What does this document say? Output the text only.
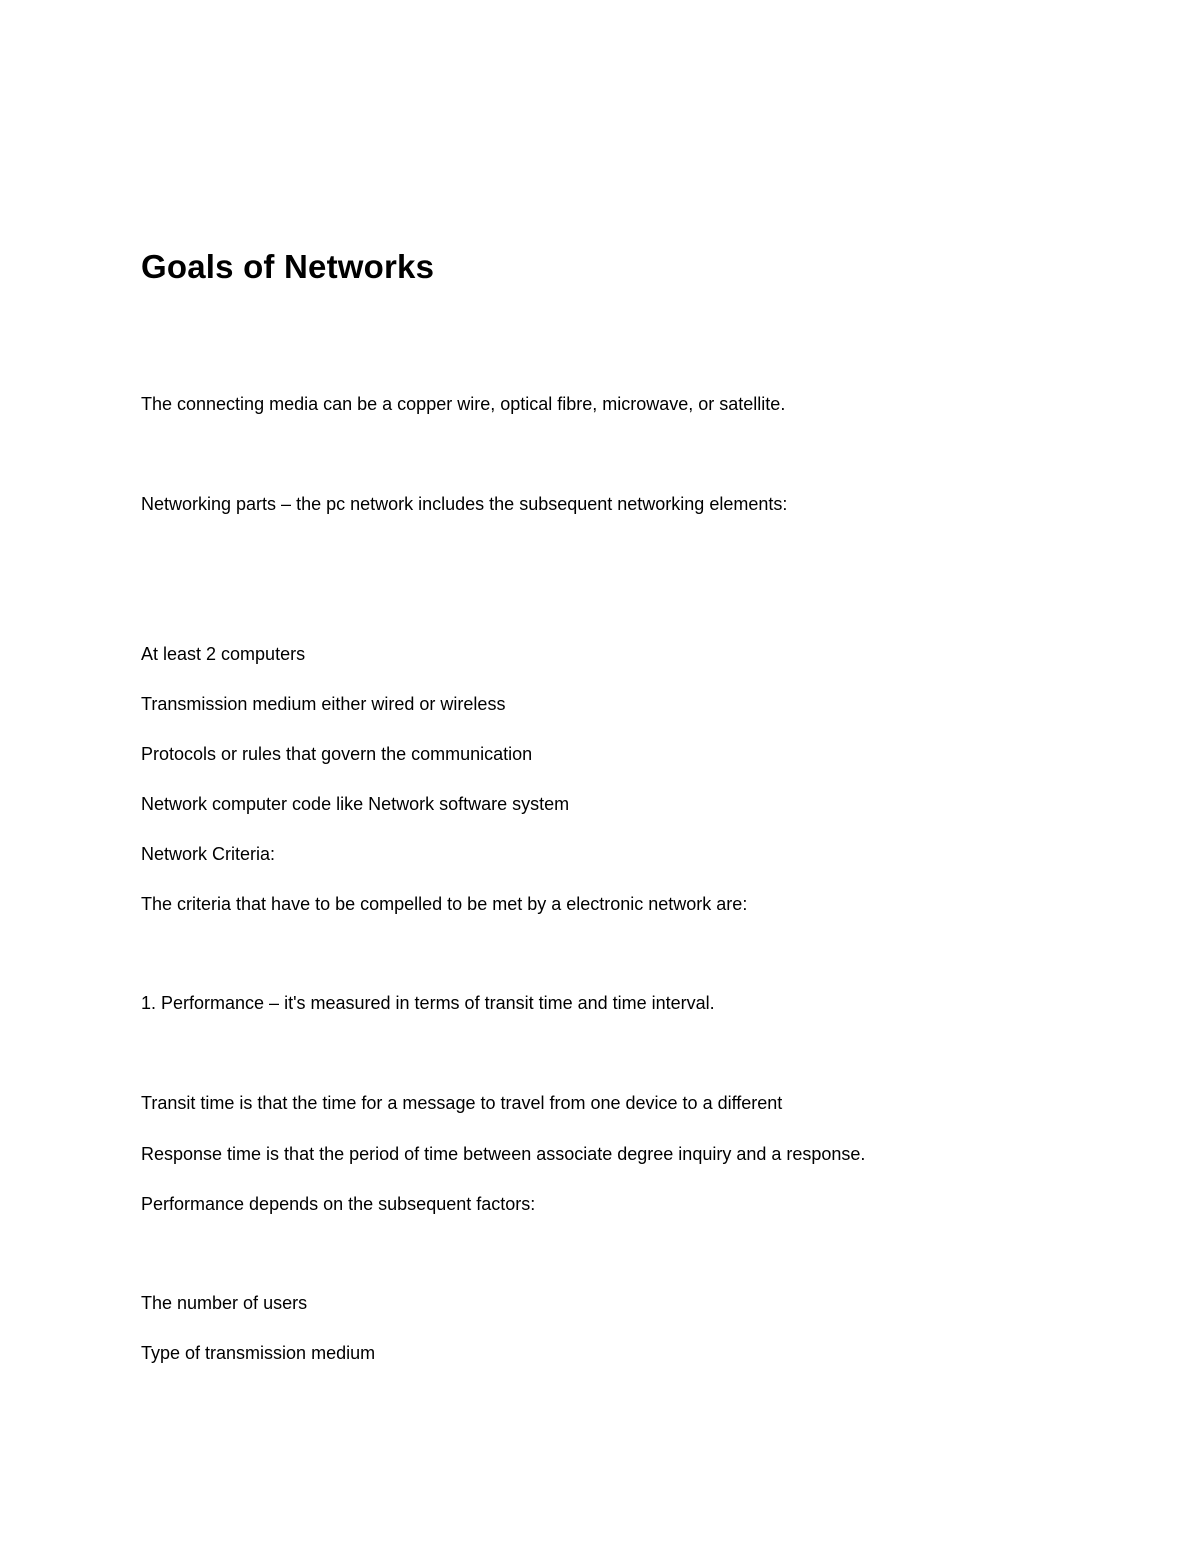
Goals of Networks

The connecting media can be a copper wire, optical fibre, microwave, or satellite.

Networking parts – the pc network includes the subsequent networking elements:

At least 2 computers

Transmission medium either wired or wireless

Protocols or rules that govern the communication

Network computer code like Network software system

Network Criteria:

The criteria that have to be compelled to be met by a electronic network are:

1. Performance – it's measured in terms of transit time and time interval.

Transit time is that the time for a message to travel from one device to a different

Response time is that the period of time between associate degree inquiry and a response.

Performance depends on the subsequent factors:

The number of users

Type of transmission medium
